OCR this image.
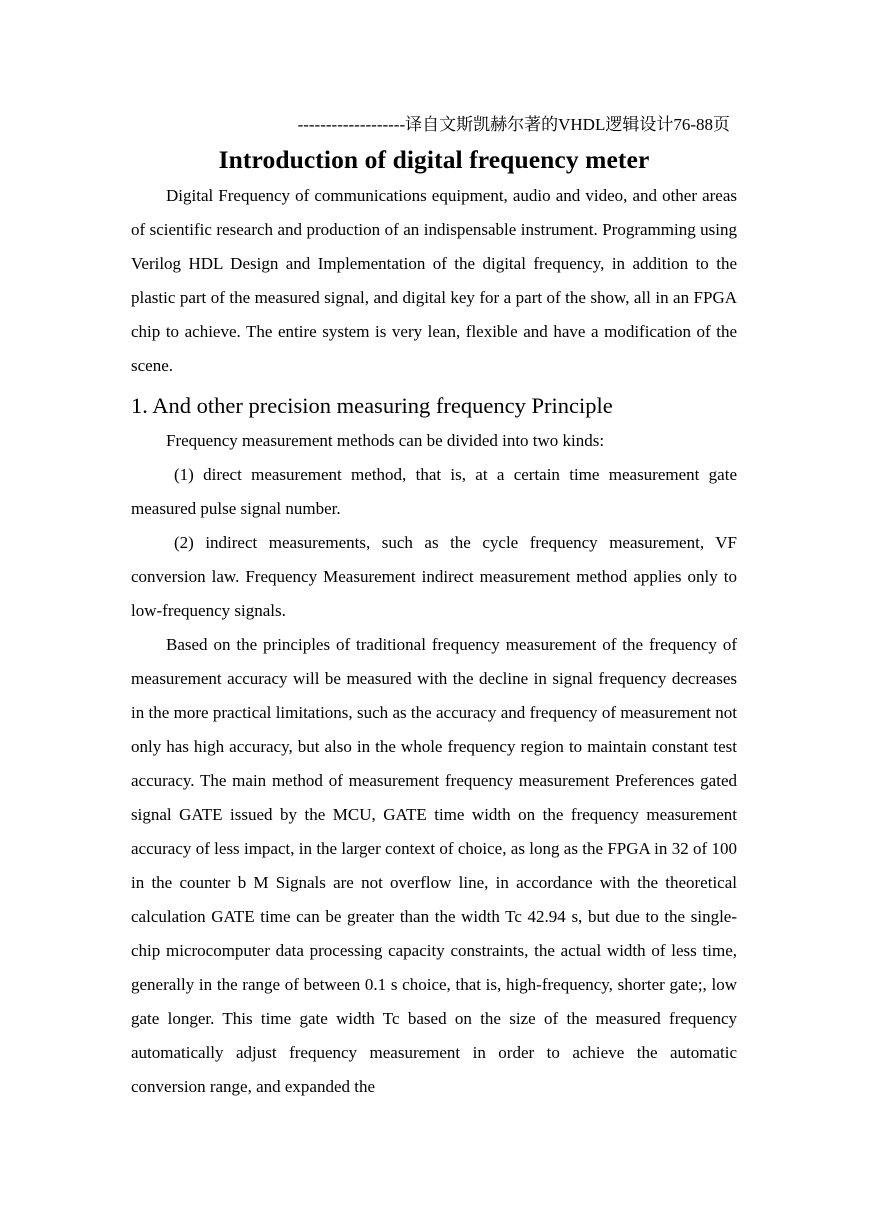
-------------------译自文斯凯赫尔著的VHDL逻辑设计76-88页
Introduction of digital frequency meter

Digital Frequency of communications equipment, audio and video, and other areas of scientific research and production of an indispensable instrument. Programming using Verilog HDL Design and Implementation of the digital frequency, in addition to the plastic part of the measured signal, and digital key for a part of the show, all in an FPGA chip to achieve. The entire system is very lean, flexible and have a modification of the scene.

1. And other precision measuring frequency Principle

Frequency measurement methods can be divided into two kinds:

(1) direct measurement method, that is, at a certain time measurement gate measured pulse signal number.

(2) indirect measurements, such as the cycle frequency measurement, VF conversion law. Frequency Measurement indirect measurement method applies only to low-frequency signals.

Based on the principles of traditional frequency measurement of the frequency of measurement accuracy will be measured with the decline in signal frequency decreases in the more practical limitations, such as the accuracy and frequency of measurement not only has high accuracy, but also in the whole frequency region to maintain constant test accuracy. The main method of measurement frequency measurement Preferences gated signal GATE issued by the MCU, GATE time width on the frequency measurement accuracy of less impact, in the larger context of choice, as long as the FPGA in 32 of 100 in the counter b M Signals are not overflow line, in accordance with the theoretical calculation GATE time can be greater than the width Tc 42.94 s, but due to the single-chip microcomputer data processing capacity constraints, the actual width of less time, generally in the range of between 0.1 s choice, that is, high-frequency, shorter gate;, low gate longer. This time gate width Tc based on the size of the measured frequency automatically adjust frequency measurement in order to achieve the automatic conversion range, and expanded the
